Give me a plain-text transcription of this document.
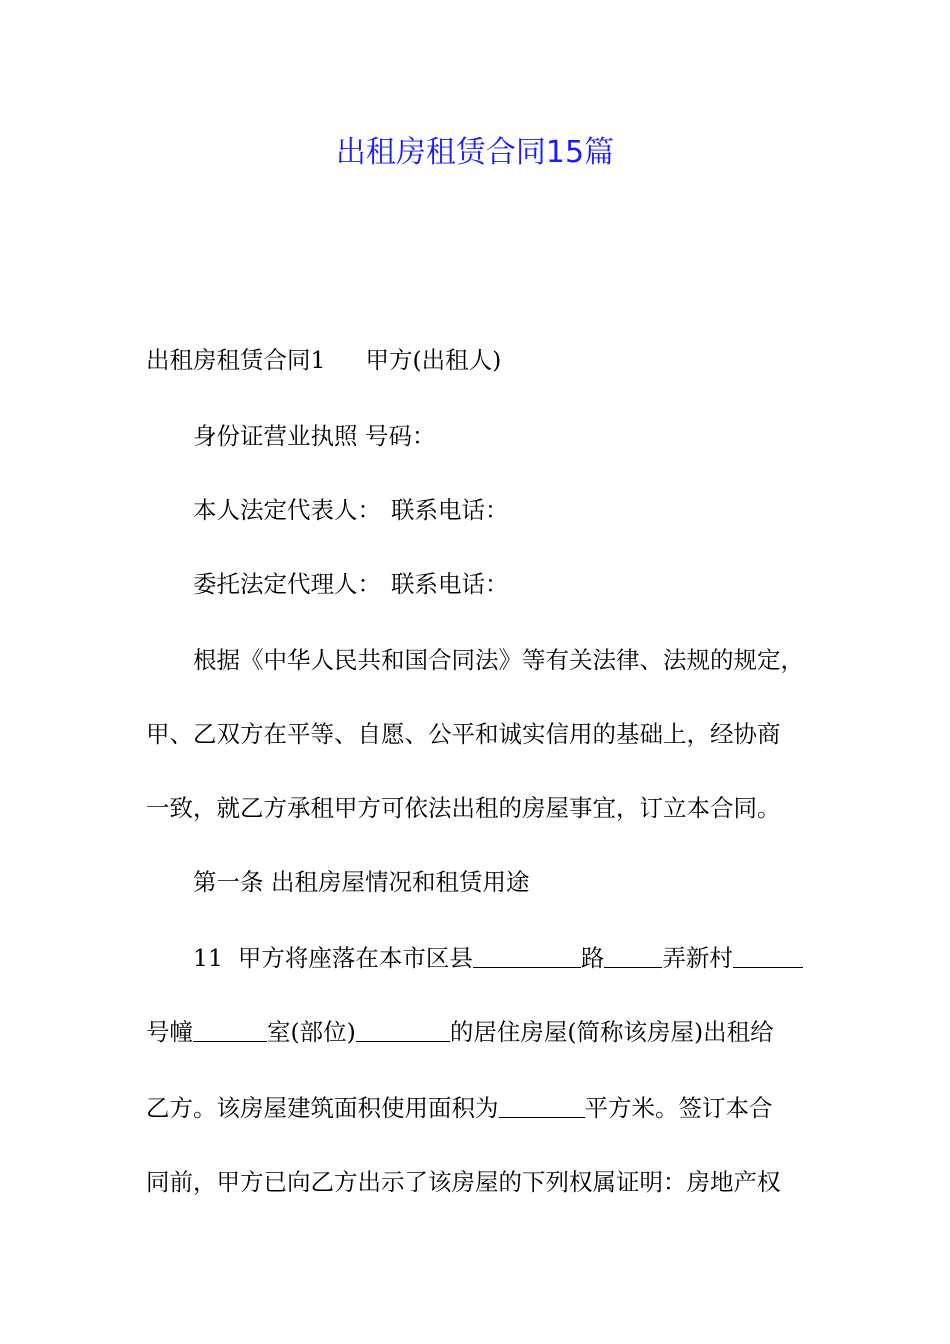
出租房租赁合同15篇
出租房租赁合同1 甲方(出租人)
身份证营业执照 号码：
本人法定代表人： 联系电话：
委托法定代理人： 联系电话：
根据《中华人民共和国合同法》等有关法律、法规的规定，
甲、乙双方在平等、自愿、公平和诚实信用的基础上，经协商
一致，就乙方承租甲方可依法出租的房屋事宜，订立本合同。
第一条 出租房屋情况和租赁用途
11 甲方将座落在本市区县	路 弄新村
号幢	室(部位)	的居住房屋(简称该房屋)出租给
乙方。该房屋建筑面积使用面积为	平方米。签订本合
同前，甲方已向乙方出示了该房屋的下列权属证明：房地产权
